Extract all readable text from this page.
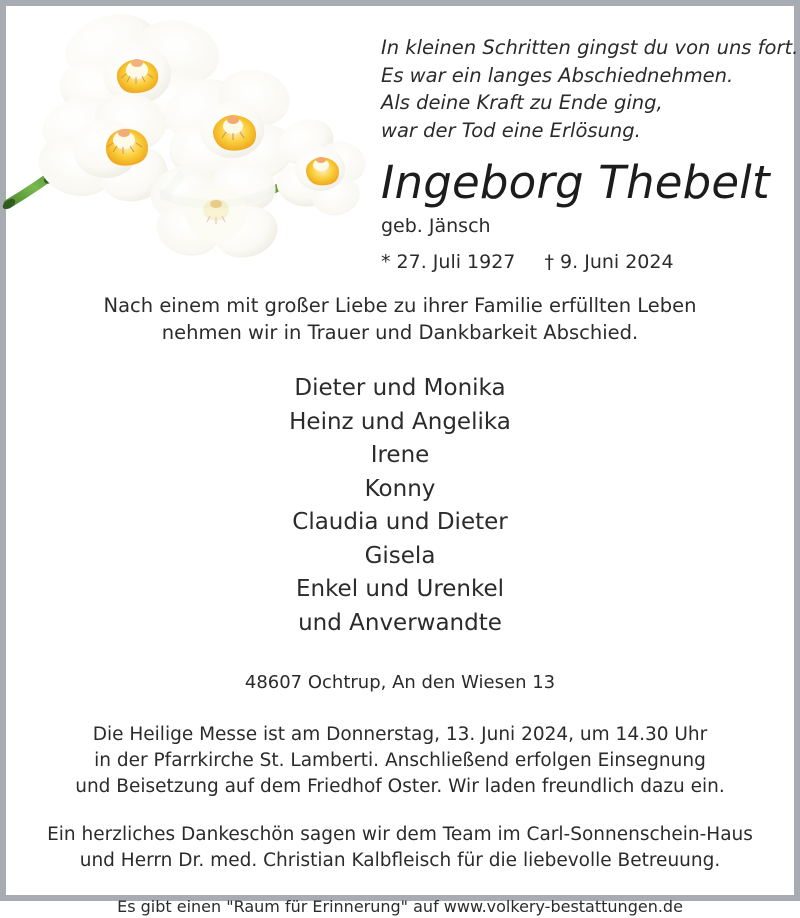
In kleinen Schritten gingst du von uns fort.
Es war ein langes Abschiednehmen.
Als deine Kraft zu Ende ging,
war der Tod eine Erlösung.
Ingeborg Thebelt
geb. Jänsch
* 27. Juli 1927 † 9. Juni 2024
Nach einem mit großer Liebe zu ihrer Familie erfüllten Leben
nehmen wir in Trauer und Dankbarkeit Abschied.
Dieter und Monika
Heinz und Angelika
Irene
Konny
Claudia und Dieter
Gisela
Enkel und Urenkel
und Anverwandte
48607 Ochtrup, An den Wiesen 13
Die Heilige Messe ist am Donnerstag, 13. Juni 2024, um 14.30 Uhr
in der Pfarrkirche St. Lamberti. Anschließend erfolgen Einsegnung
und Beisetzung auf dem Friedhof Oster. Wir laden freundlich dazu ein.
Ein herzliches Dankeschön sagen wir dem Team im Carl-Sonnenschein-Haus
und Herrn Dr. med. Christian Kalbfleisch für die liebevolle Betreuung.
Es gibt einen "Raum für Erinnerung" auf www.volkery-bestattungen.de
